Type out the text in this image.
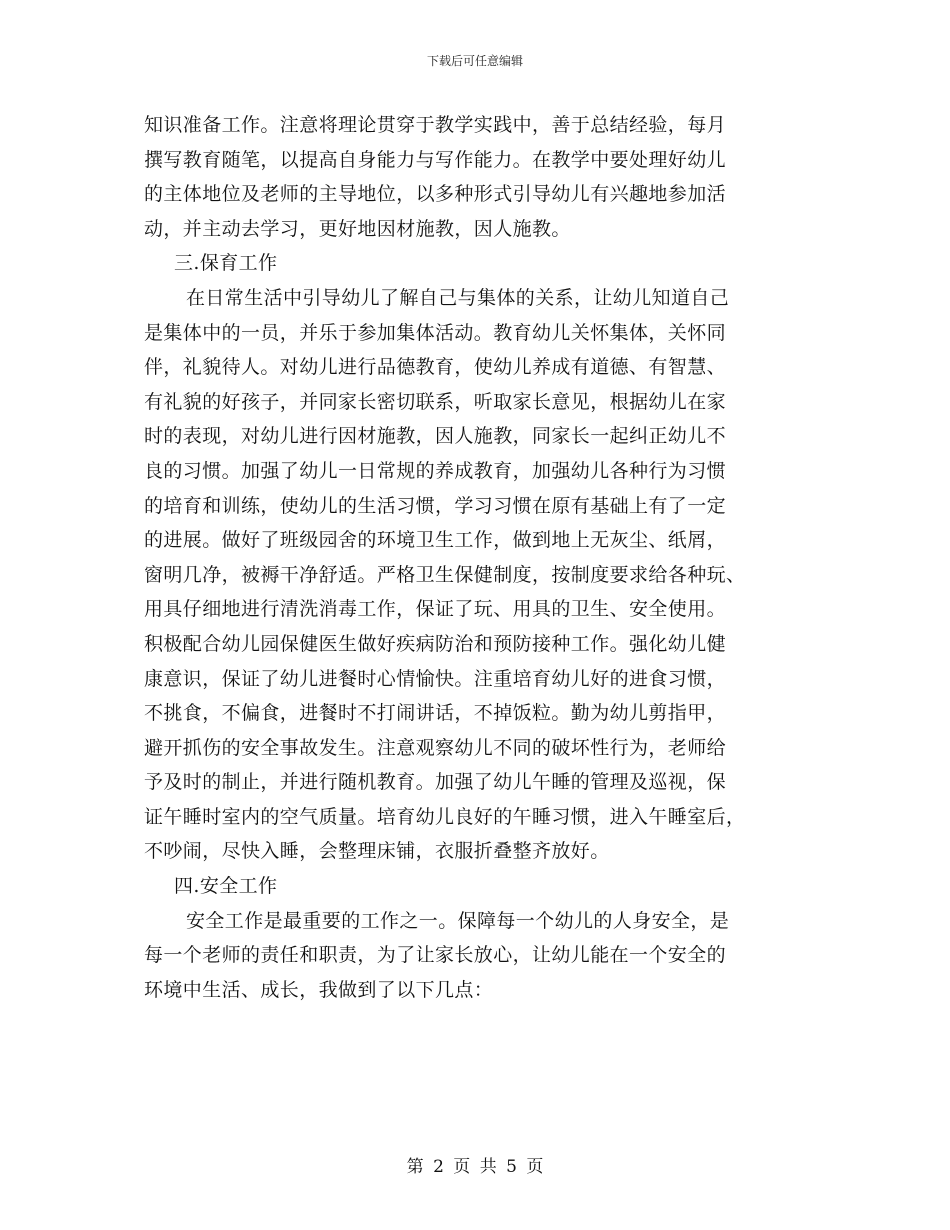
下载后可任意编辑
知识准备工作。注意将理论贯穿于教学实践中，善于总结经验，每月
撰写教育随笔，以提高自身能力与写作能力。在教学中要处理好幼儿
的主体地位及老师的主导地位，以多种形式引导幼儿有兴趣地参加活
动，并主动去学习，更好地因材施教，因人施教。
三.保育工作
在日常生活中引导幼儿了解自己与集体的关系，让幼儿知道自己
是集体中的一员，并乐于参加集体活动。教育幼儿关怀集体，关怀同
伴，礼貌待人。对幼儿进行品德教育，使幼儿养成有道德、有智慧、
有礼貌的好孩子，并同家长密切联系，听取家长意见，根据幼儿在家
时的表现，对幼儿进行因材施教，因人施教，同家长一起纠正幼儿不
良的习惯。加强了幼儿一日常规的养成教育，加强幼儿各种行为习惯
的培育和训练，使幼儿的生活习惯，学习习惯在原有基础上有了一定
的进展。做好了班级园舍的环境卫生工作，做到地上无灰尘、纸屑，
窗明几净，被褥干净舒适。严格卫生保健制度，按制度要求给各种玩、
用具仔细地进行清洗消毒工作，保证了玩、用具的卫生、安全使用。
积极配合幼儿园保健医生做好疾病防治和预防接种工作。强化幼儿健
康意识，保证了幼儿进餐时心情愉快。注重培育幼儿好的进食习惯，
不挑食，不偏食，进餐时不打闹讲话，不掉饭粒。勤为幼儿剪指甲，
避开抓伤的安全事故发生。注意观察幼儿不同的破坏性行为，老师给
予及时的制止，并进行随机教育。加强了幼儿午睡的管理及巡视，保
证午睡时室内的空气质量。培育幼儿良好的午睡习惯，进入午睡室后，
不吵闹，尽快入睡，会整理床铺，衣服折叠整齐放好。
四.安全工作
安全工作是最重要的工作之一。保障每一个幼儿的人身安全，是
每一个老师的责任和职责，为了让家长放心，让幼儿能在一个安全的
环境中生活、成长，我做到了以下几点：
第 2 页 共 5 页
